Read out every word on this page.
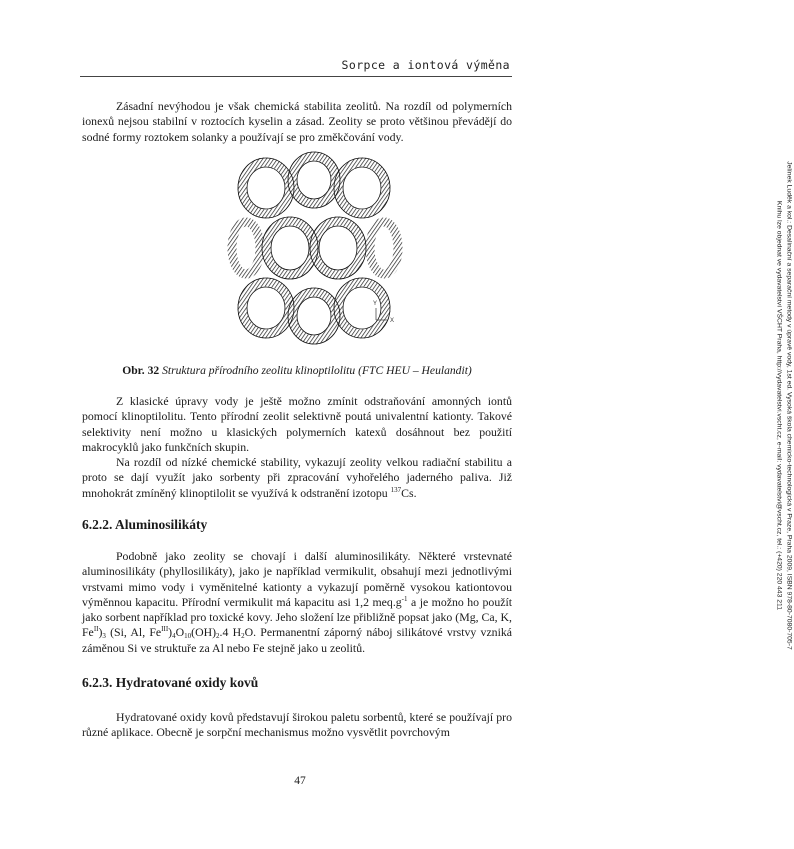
Sorpce a iontová výměna
Jelínek Luděk a kol.: Desalinační a separační metody v úpravě vody, 1st ed. Vysoká škola chemicko-technologická v Praze, Praha 2009, ISBN 978-80-7080-705-7
Knihu lze objednat ve vydavatelství VŠCHT Praha, http://vydavatelstvi.vscht.cz, e-mail: vydavatelstvi@vscht.cz, tel.: (+420) 220 443 211

Zásadní nevýhodou je však chemická stabilita zeolitů. Na rozdíl od polymerních ionexů nejsou stabilní v roztocích kyselin a zásad. Zeolity se proto většinou převádějí do sodné formy roztokem solanky a používají se pro změkčování vody.

Y
X
Obr. 32 Struktura přírodního zeolitu klinoptilolitu (FTC HEU – Heulandit)

Z klasické úpravy vody je ještě možno zmínit odstraňování amonných iontů pomocí klinoptilolitu. Tento přírodní zeolit selektivně poutá univalentní kationty. Takové selektivity není možno u klasických polymerních katexů dosáhnout bez použití makrocyklů jako funkčních skupin.

Na rozdíl od nízké chemické stability, vykazují zeolity velkou radiační stabilitu a proto se dají využít jako sorbenty při zpracování vyhořelého jaderného paliva. Již mnohokrát zmíněný klinoptilolit se využívá k odstranění izotopu $^{137}$Cs.

6.2.2. Aluminosilikáty

Podobně jako zeolity se chovají i další aluminosilikáty. Některé vrstevnaté aluminosilikáty (phyllosilikáty), jako je například vermikulit, obsahují mezi jednotlivými vrstvami mimo vody i vyměnitelné kationty a vykazují poměrně vysokou kationtovou výměnnou kapacitu. Přírodní vermikulit má kapacitu asi 1,2 $meq.g^{-1}$ a je možno ho použít jako sorbent například pro toxické kovy. Jeho složení lze přibližně popsat jako (Mg, Ca, K, $Fe^{II})_3$ (Si, Al, $Fe^{III})_4O_{10}(OH)_2.4$ $H_2O$. Permanentní záporný náboj silikátové vrstvy vzniká záměnou Si ve struktuře za Al nebo Fe stejně jako u zeolitů.

6.2.3. Hydratované oxidy kovů

Hydratované oxidy kovů představují širokou paletu sorbentů, které se používají pro různé aplikace. Obecně je sorpční mechanismus možno vysvětlit povrchovým

47
